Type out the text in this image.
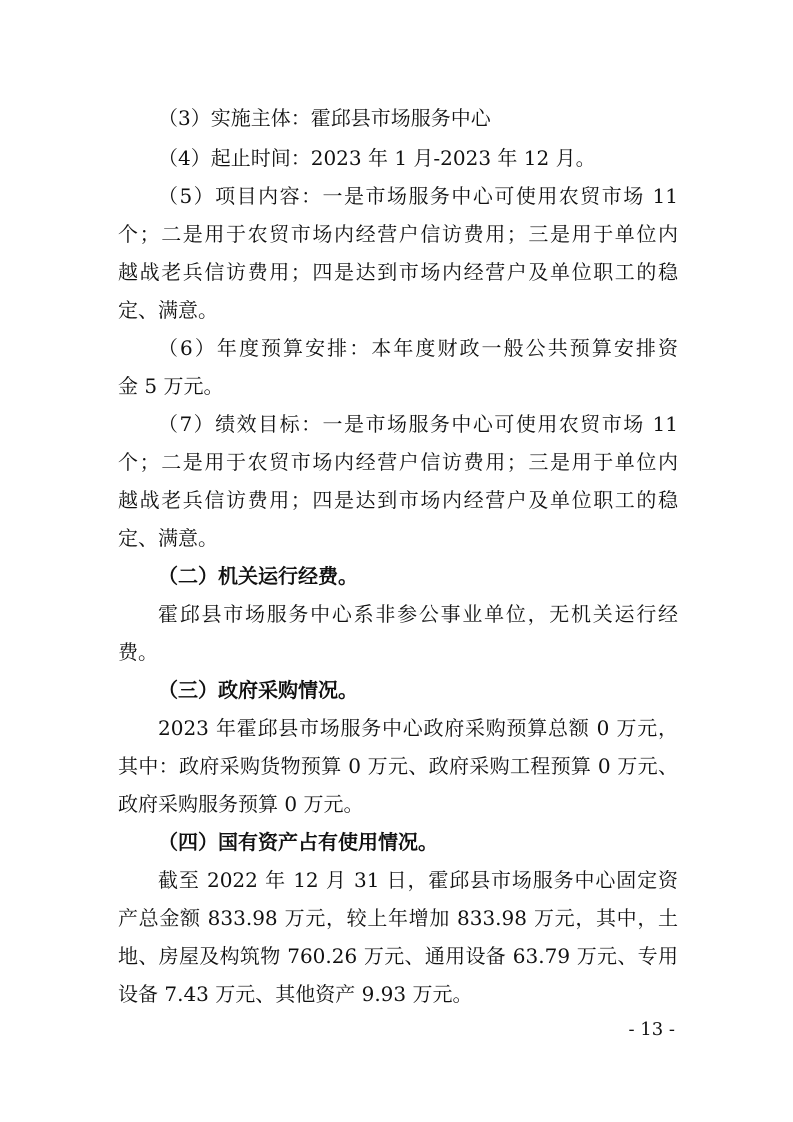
（3）实施主体：霍邱县市场服务中心
（4）起止时间：2023 年 1 月-2023 年 12 月。
（5）项目内容：一是市场服务中心可使用农贸市场 11
个；二是用于农贸市场内经营户信访费用；三是用于单位内
越战老兵信访费用；四是达到市场内经营户及单位职工的稳
定、满意。
（6）年度预算安排：本年度财政一般公共预算安排资
金 5 万元。
（7）绩效目标：一是市场服务中心可使用农贸市场 11
个；二是用于农贸市场内经营户信访费用；三是用于单位内
越战老兵信访费用；四是达到市场内经营户及单位职工的稳
定、满意。
（二）机关运行经费。
霍邱县市场服务中心系非参公事业单位，无机关运行经
费。
（三）政府采购情况。
2023 年霍邱县市场服务中心政府采购预算总额 0 万元，
其中：政府采购货物预算 0 万元、政府采购工程预算 0 万元、
政府采购服务预算 0 万元。
（四）国有资产占有使用情况。
截至 2022 年 12 月 31 日，霍邱县市场服务中心固定资
产总金额 833.98 万元，较上年增加 833.98 万元，其中，土
地、房屋及构筑物 760.26 万元、通用设备 63.79 万元、专用
设备 7.43 万元、其他资产 9.93 万元。
- 13 -
